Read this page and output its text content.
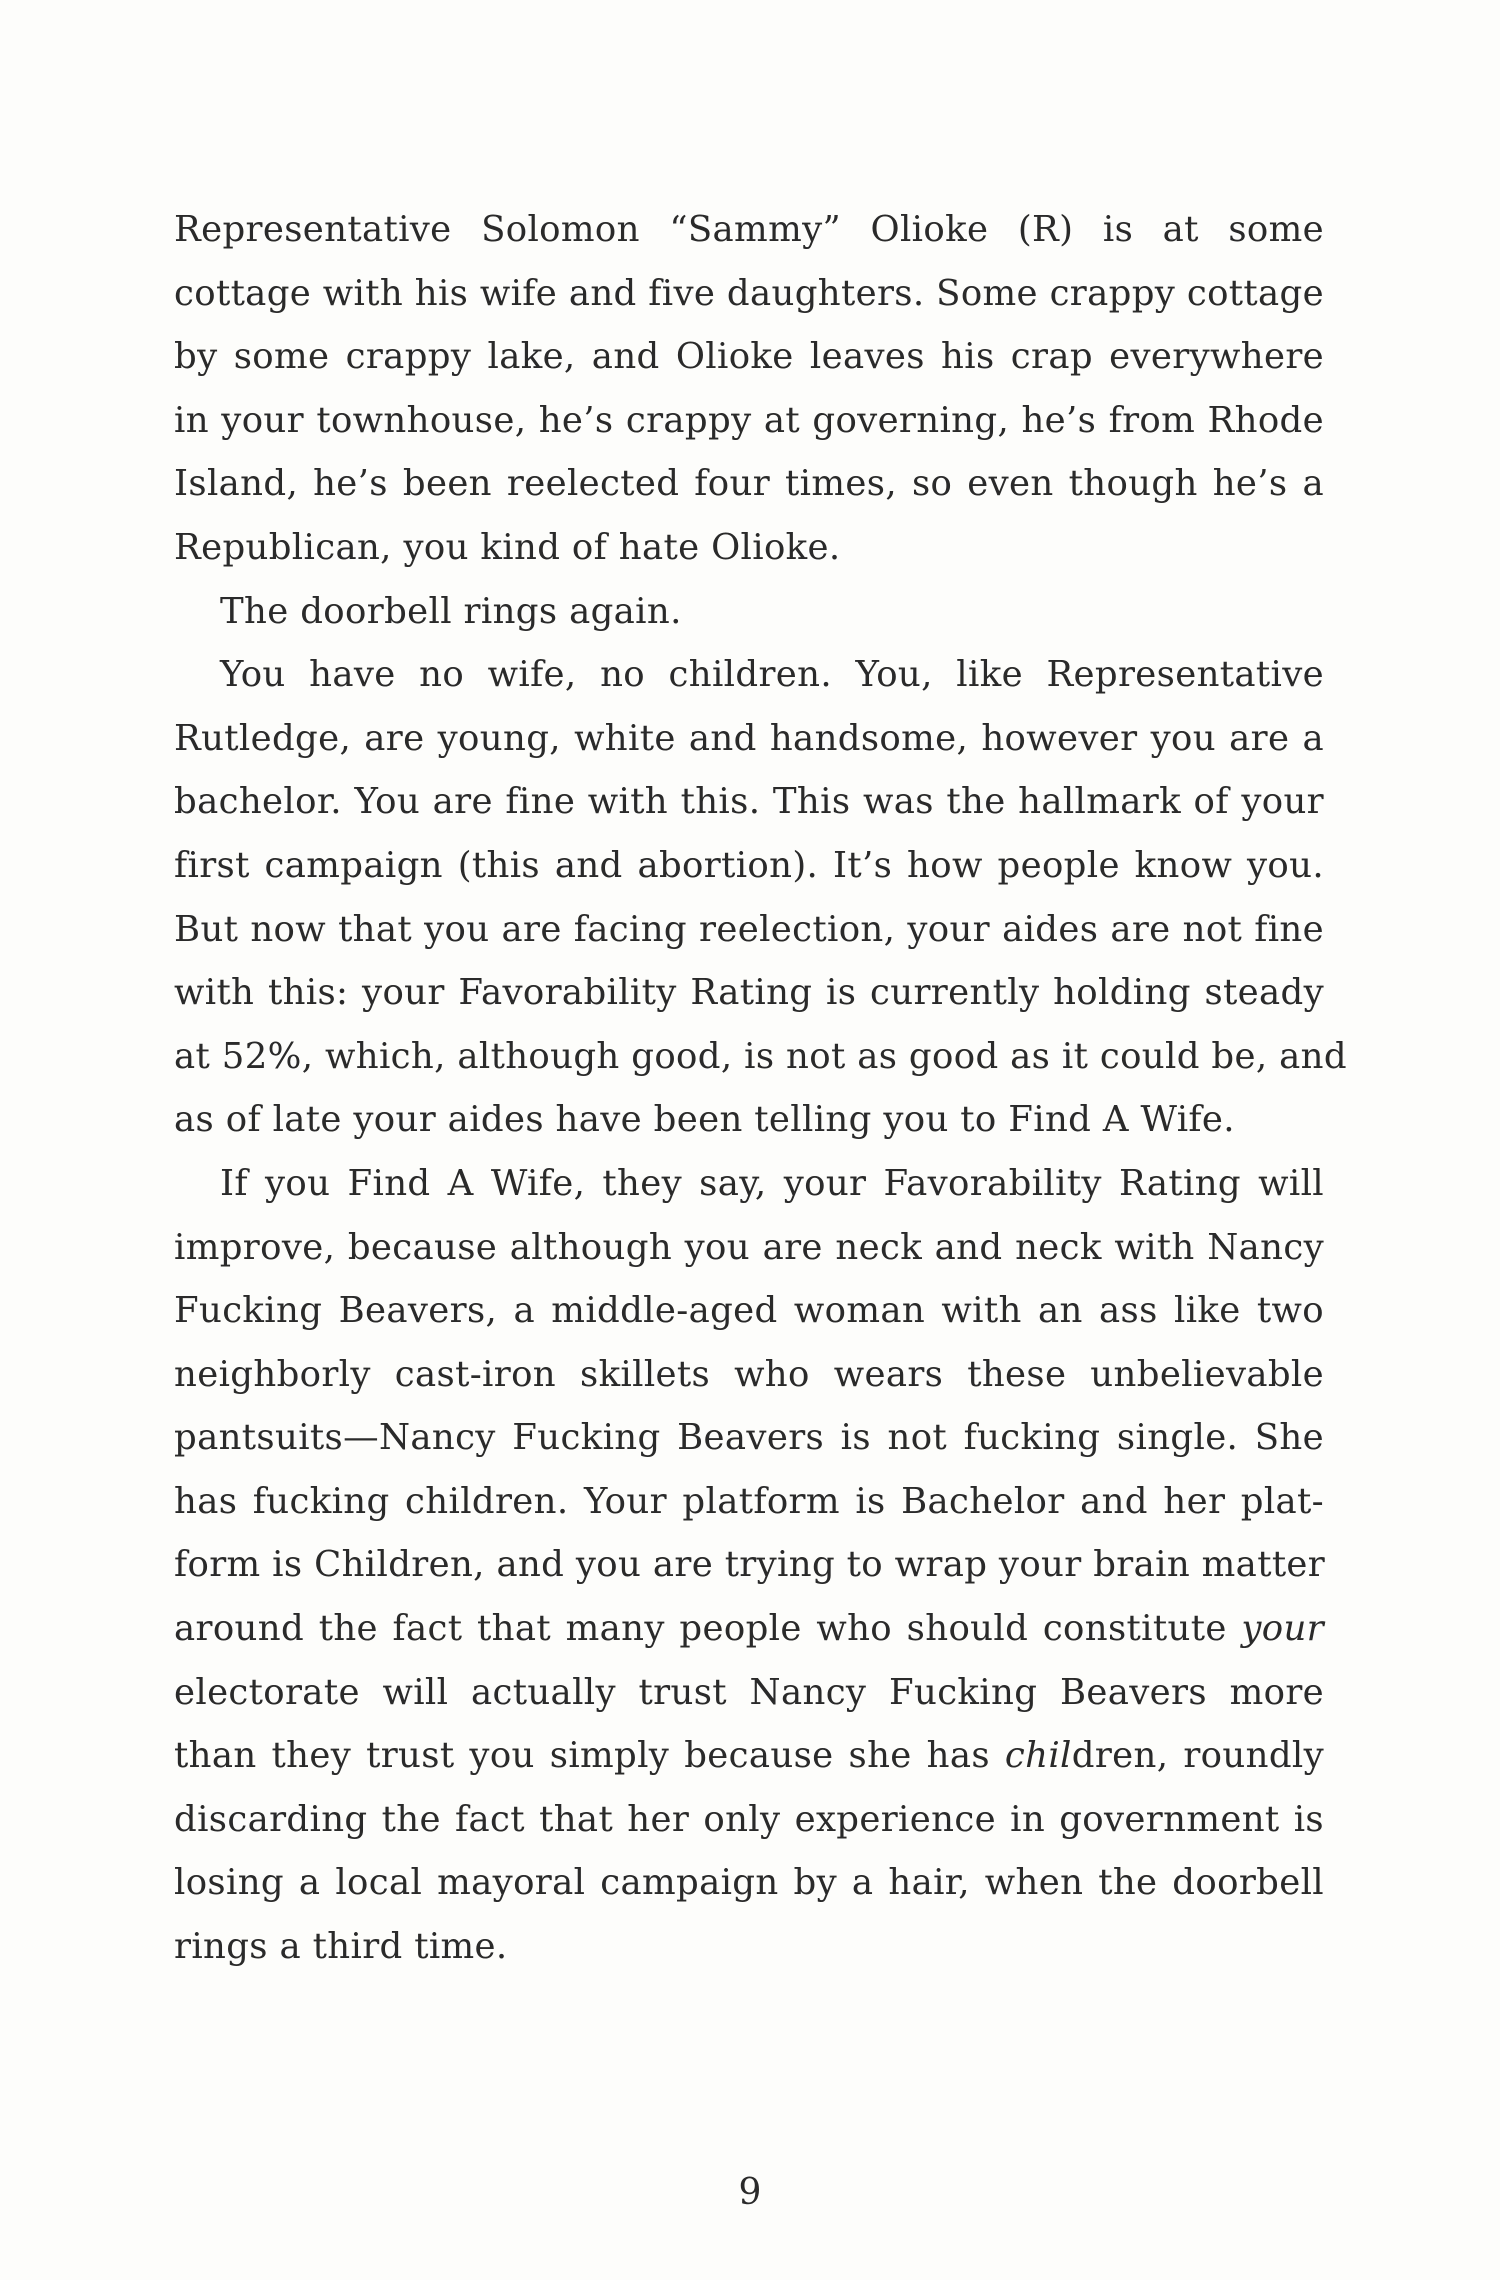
Representative Solomon “Sammy” Olioke (R) is at some
cottage with his wife and five daughters. Some crappy cottage
by some crappy lake, and Olioke leaves his crap everywhere
in your townhouse, he’s crappy at governing, he’s from Rhode
Island, he’s been reelected four times, so even though he’s a
Republican, you kind of hate Olioke.
The doorbell rings again.
You have no wife, no children. You, like Representative
Rutledge, are young, white and handsome, however you are a
bachelor. You are fine with this. This was the hallmark of your
first campaign (this and abortion). It’s how people know you.
But now that you are facing reelection, your aides are not fine
with this: your Favorability Rating is currently holding steady
at 52%, which, although good, is not as good as it could be, and
as of late your aides have been telling you to Find A Wife.
If you Find A Wife, they say, your Favorability Rating will
improve, because although you are neck and neck with Nancy
Fucking Beavers, a middle-aged woman with an ass like two
neighborly cast-iron skillets who wears these unbelievable
pantsuits—Nancy Fucking Beavers is not fucking single. She
has fucking children. Your platform is Bachelor and her plat-
form is Children, and you are trying to wrap your brain matter
around the fact that many people who should constitute your
electorate will actually trust Nancy Fucking Beavers more
than they trust you simply because she has children, roundly
discarding the fact that her only experience in government is
losing a local mayoral campaign by a hair, when the doorbell
rings a third time.
9
